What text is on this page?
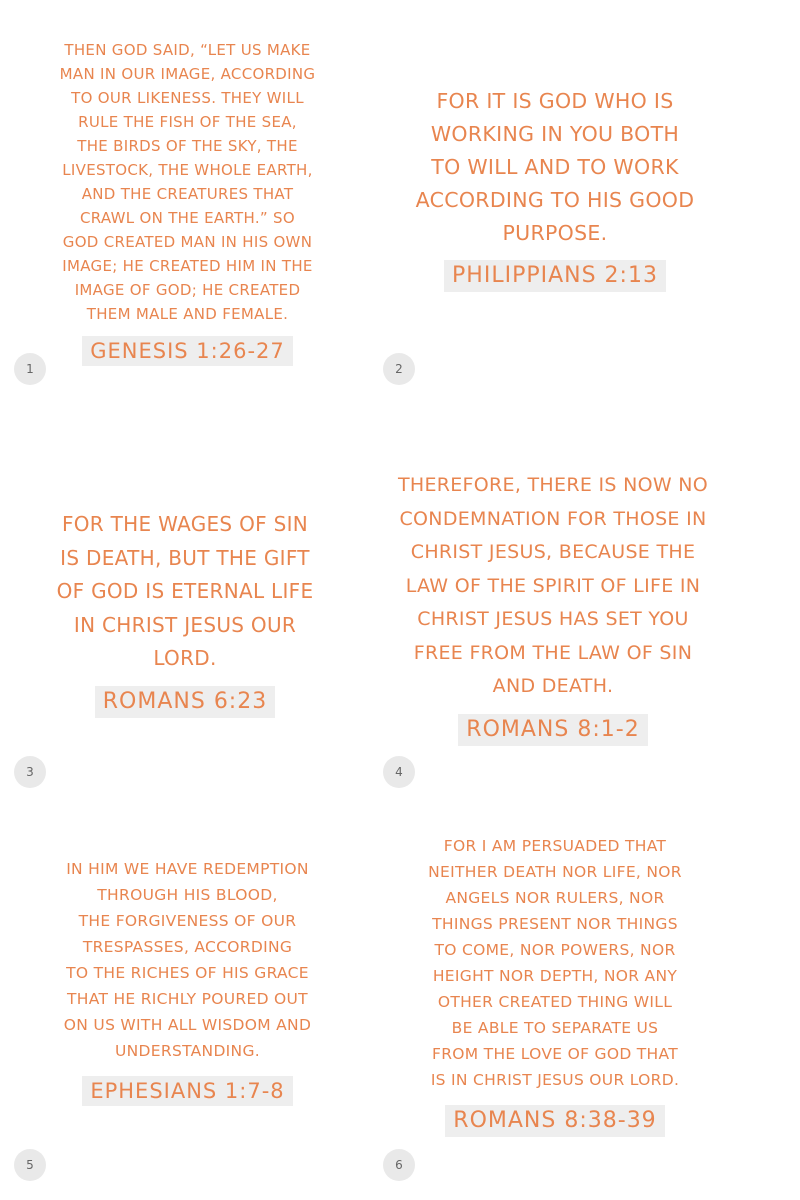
THEN GOD SAID, “LET US MAKE
MAN IN OUR IMAGE, ACCORDING
TO OUR LIKENESS. THEY WILL
RULE THE FISH OF THE SEA,
THE BIRDS OF THE SKY, THE
LIVESTOCK, THE WHOLE EARTH,
AND THE CREATURES THAT
CRAWL ON THE EARTH.” SO
GOD CREATED MAN IN HIS OWN
IMAGE; HE CREATED HIM IN THE
IMAGE OF GOD; HE CREATED
THEM MALE AND FEMALE.

GENESIS 1:26-27
1

FOR IT IS GOD WHO IS
WORKING IN YOU BOTH
TO WILL AND TO WORK
ACCORDING TO HIS GOOD
PURPOSE.

PHILIPPIANS 2:13
2

FOR THE WAGES OF SIN
IS DEATH, BUT THE GIFT
OF GOD IS ETERNAL LIFE
IN CHRIST JESUS OUR
LORD.

ROMANS 6:23
3

THEREFORE, THERE IS NOW NO
CONDEMNATION FOR THOSE IN
CHRIST JESUS, BECAUSE THE
LAW OF THE SPIRIT OF LIFE IN
CHRIST JESUS HAS SET YOU
FREE FROM THE LAW OF SIN
AND DEATH.

ROMANS 8:1-2
4

IN HIM WE HAVE REDEMPTION
THROUGH HIS BLOOD,
THE FORGIVENESS OF OUR
TRESPASSES, ACCORDING
TO THE RICHES OF HIS GRACE
THAT HE RICHLY POURED OUT
ON US WITH ALL WISDOM AND
UNDERSTANDING.

EPHESIANS 1:7-8
5

FOR I AM PERSUADED THAT
NEITHER DEATH NOR LIFE, NOR
ANGELS NOR RULERS, NOR
THINGS PRESENT NOR THINGS
TO COME, NOR POWERS, NOR
HEIGHT NOR DEPTH, NOR ANY
OTHER CREATED THING WILL
BE ABLE TO SEPARATE US
FROM THE LOVE OF GOD THAT
IS IN CHRIST JESUS OUR LORD.

ROMANS 8:38-39
6
